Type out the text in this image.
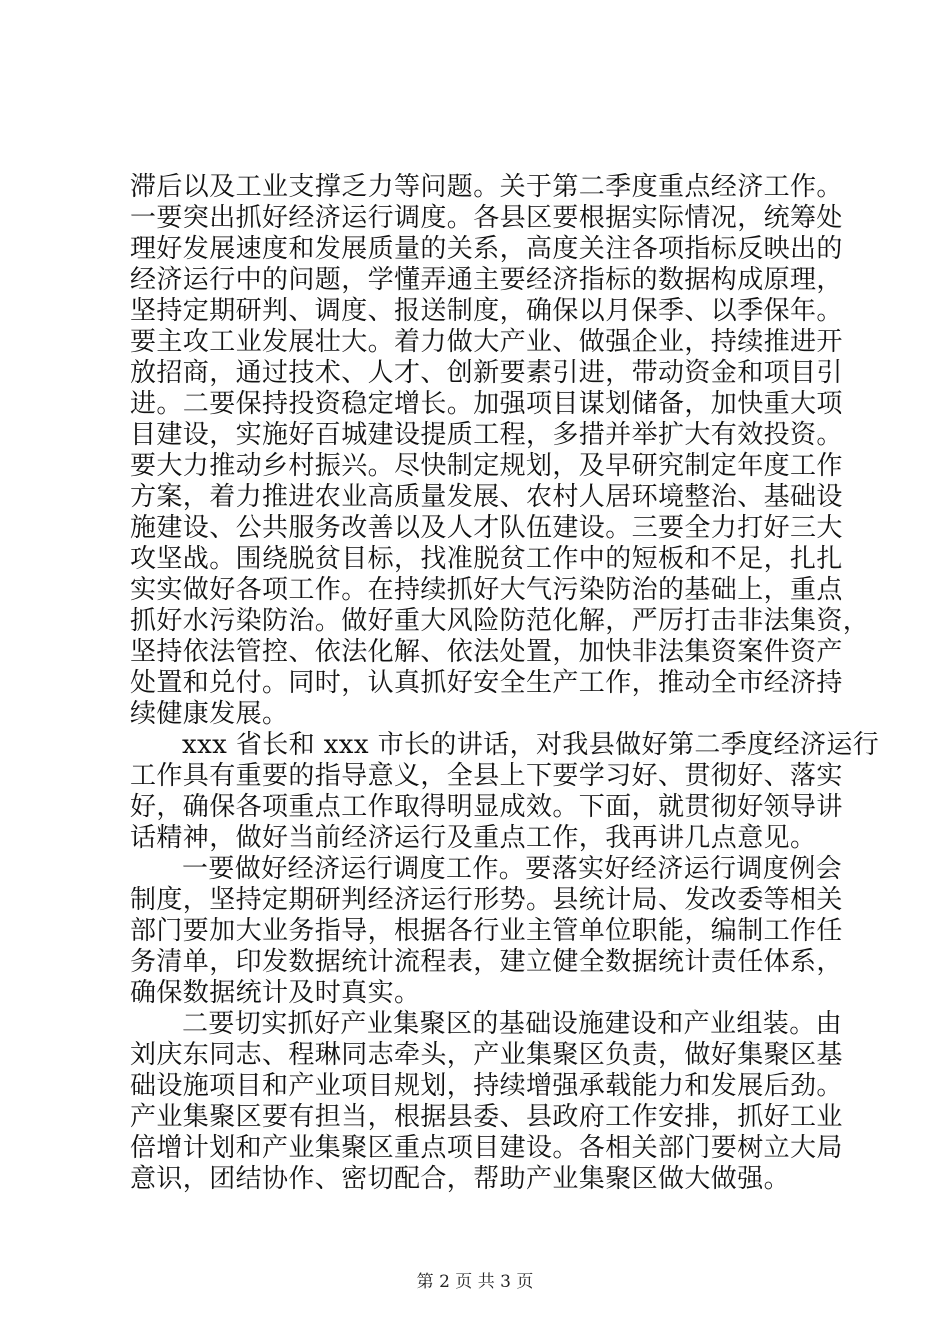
滞后以及工业支撑乏力等问题。关于第二季度重点经济工作。
一要突出抓好经济运行调度。各县区要根据实际情况，统筹处
理好发展速度和发展质量的关系，高度关注各项指标反映出的
经济运行中的问题，学懂弄通主要经济指标的数据构成原理，
坚持定期研判、调度、报送制度，确保以月保季、以季保年。
要主攻工业发展壮大。着力做大产业、做强企业，持续推进开
放招商，通过技术、人才、创新要素引进，带动资金和项目引
进。二要保持投资稳定增长。加强项目谋划储备，加快重大项
目建设，实施好百城建设提质工程，多措并举扩大有效投资。
要大力推动乡村振兴。尽快制定规划，及早研究制定年度工作
方案，着力推进农业高质量发展、农村人居环境整治、基础设
施建设、公共服务改善以及人才队伍建设。三要全力打好三大
攻坚战。围绕脱贫目标，找准脱贫工作中的短板和不足，扎扎
实实做好各项工作。在持续抓好大气污染防治的基础上，重点
抓好水污染防治。做好重大风险防范化解，严厉打击非法集资，
坚持依法管控、依法化解、依法处置，加快非法集资案件资产
处置和兑付。同时，认真抓好安全生产工作，推动全市经济持
续健康发展。
xxx 省长和 xxx 市长的讲话，对我县做好第二季度经济运行
工作具有重要的指导意义，全县上下要学习好、贯彻好、落实
好，确保各项重点工作取得明显成效。下面，就贯彻好领导讲
话精神，做好当前经济运行及重点工作，我再讲几点意见。
一要做好经济运行调度工作。要落实好经济运行调度例会
制度，坚持定期研判经济运行形势。县统计局、发改委等相关
部门要加大业务指导，根据各行业主管单位职能，编制工作任
务清单，印发数据统计流程表，建立健全数据统计责任体系，
确保数据统计及时真实。
二要切实抓好产业集聚区的基础设施建设和产业组装。由
刘庆东同志、程琳同志牵头，产业集聚区负责，做好集聚区基
础设施项目和产业项目规划，持续增强承载能力和发展后劲。
产业集聚区要有担当，根据县委、县政府工作安排，抓好工业
倍增计划和产业集聚区重点项目建设。各相关部门要树立大局
意识，团结协作、密切配合，帮助产业集聚区做大做强。
第 2 页 共 3 页
